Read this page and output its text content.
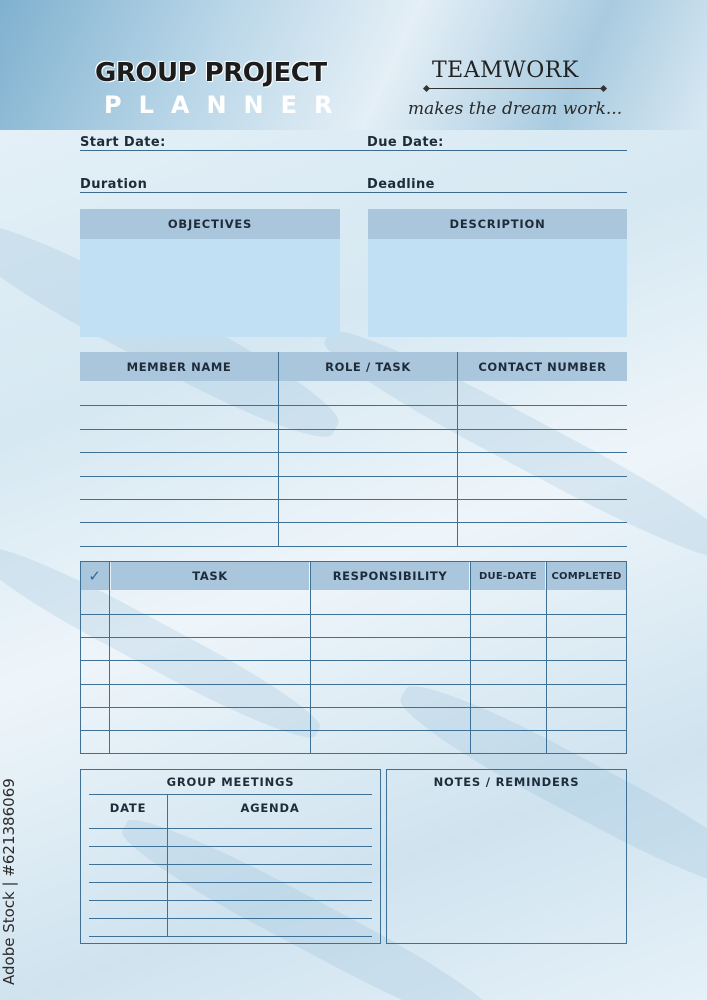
GROUP PROJECT
PLANNER
TEAMWORK
makes the dream work...
Start Date:	Due Date:
Duration	Deadline
OBJECTIVES	DESCRIPTION
MEMBER NAME	ROLE / TASK	CONTACT NUMBER
✓	TASK	RESPONSIBILITY	DUE-DATE	COMPLETED
GROUP MEETINGS
DATE	AGENDA
NOTES / REMINDERS
Adobe Stock | #621386069
